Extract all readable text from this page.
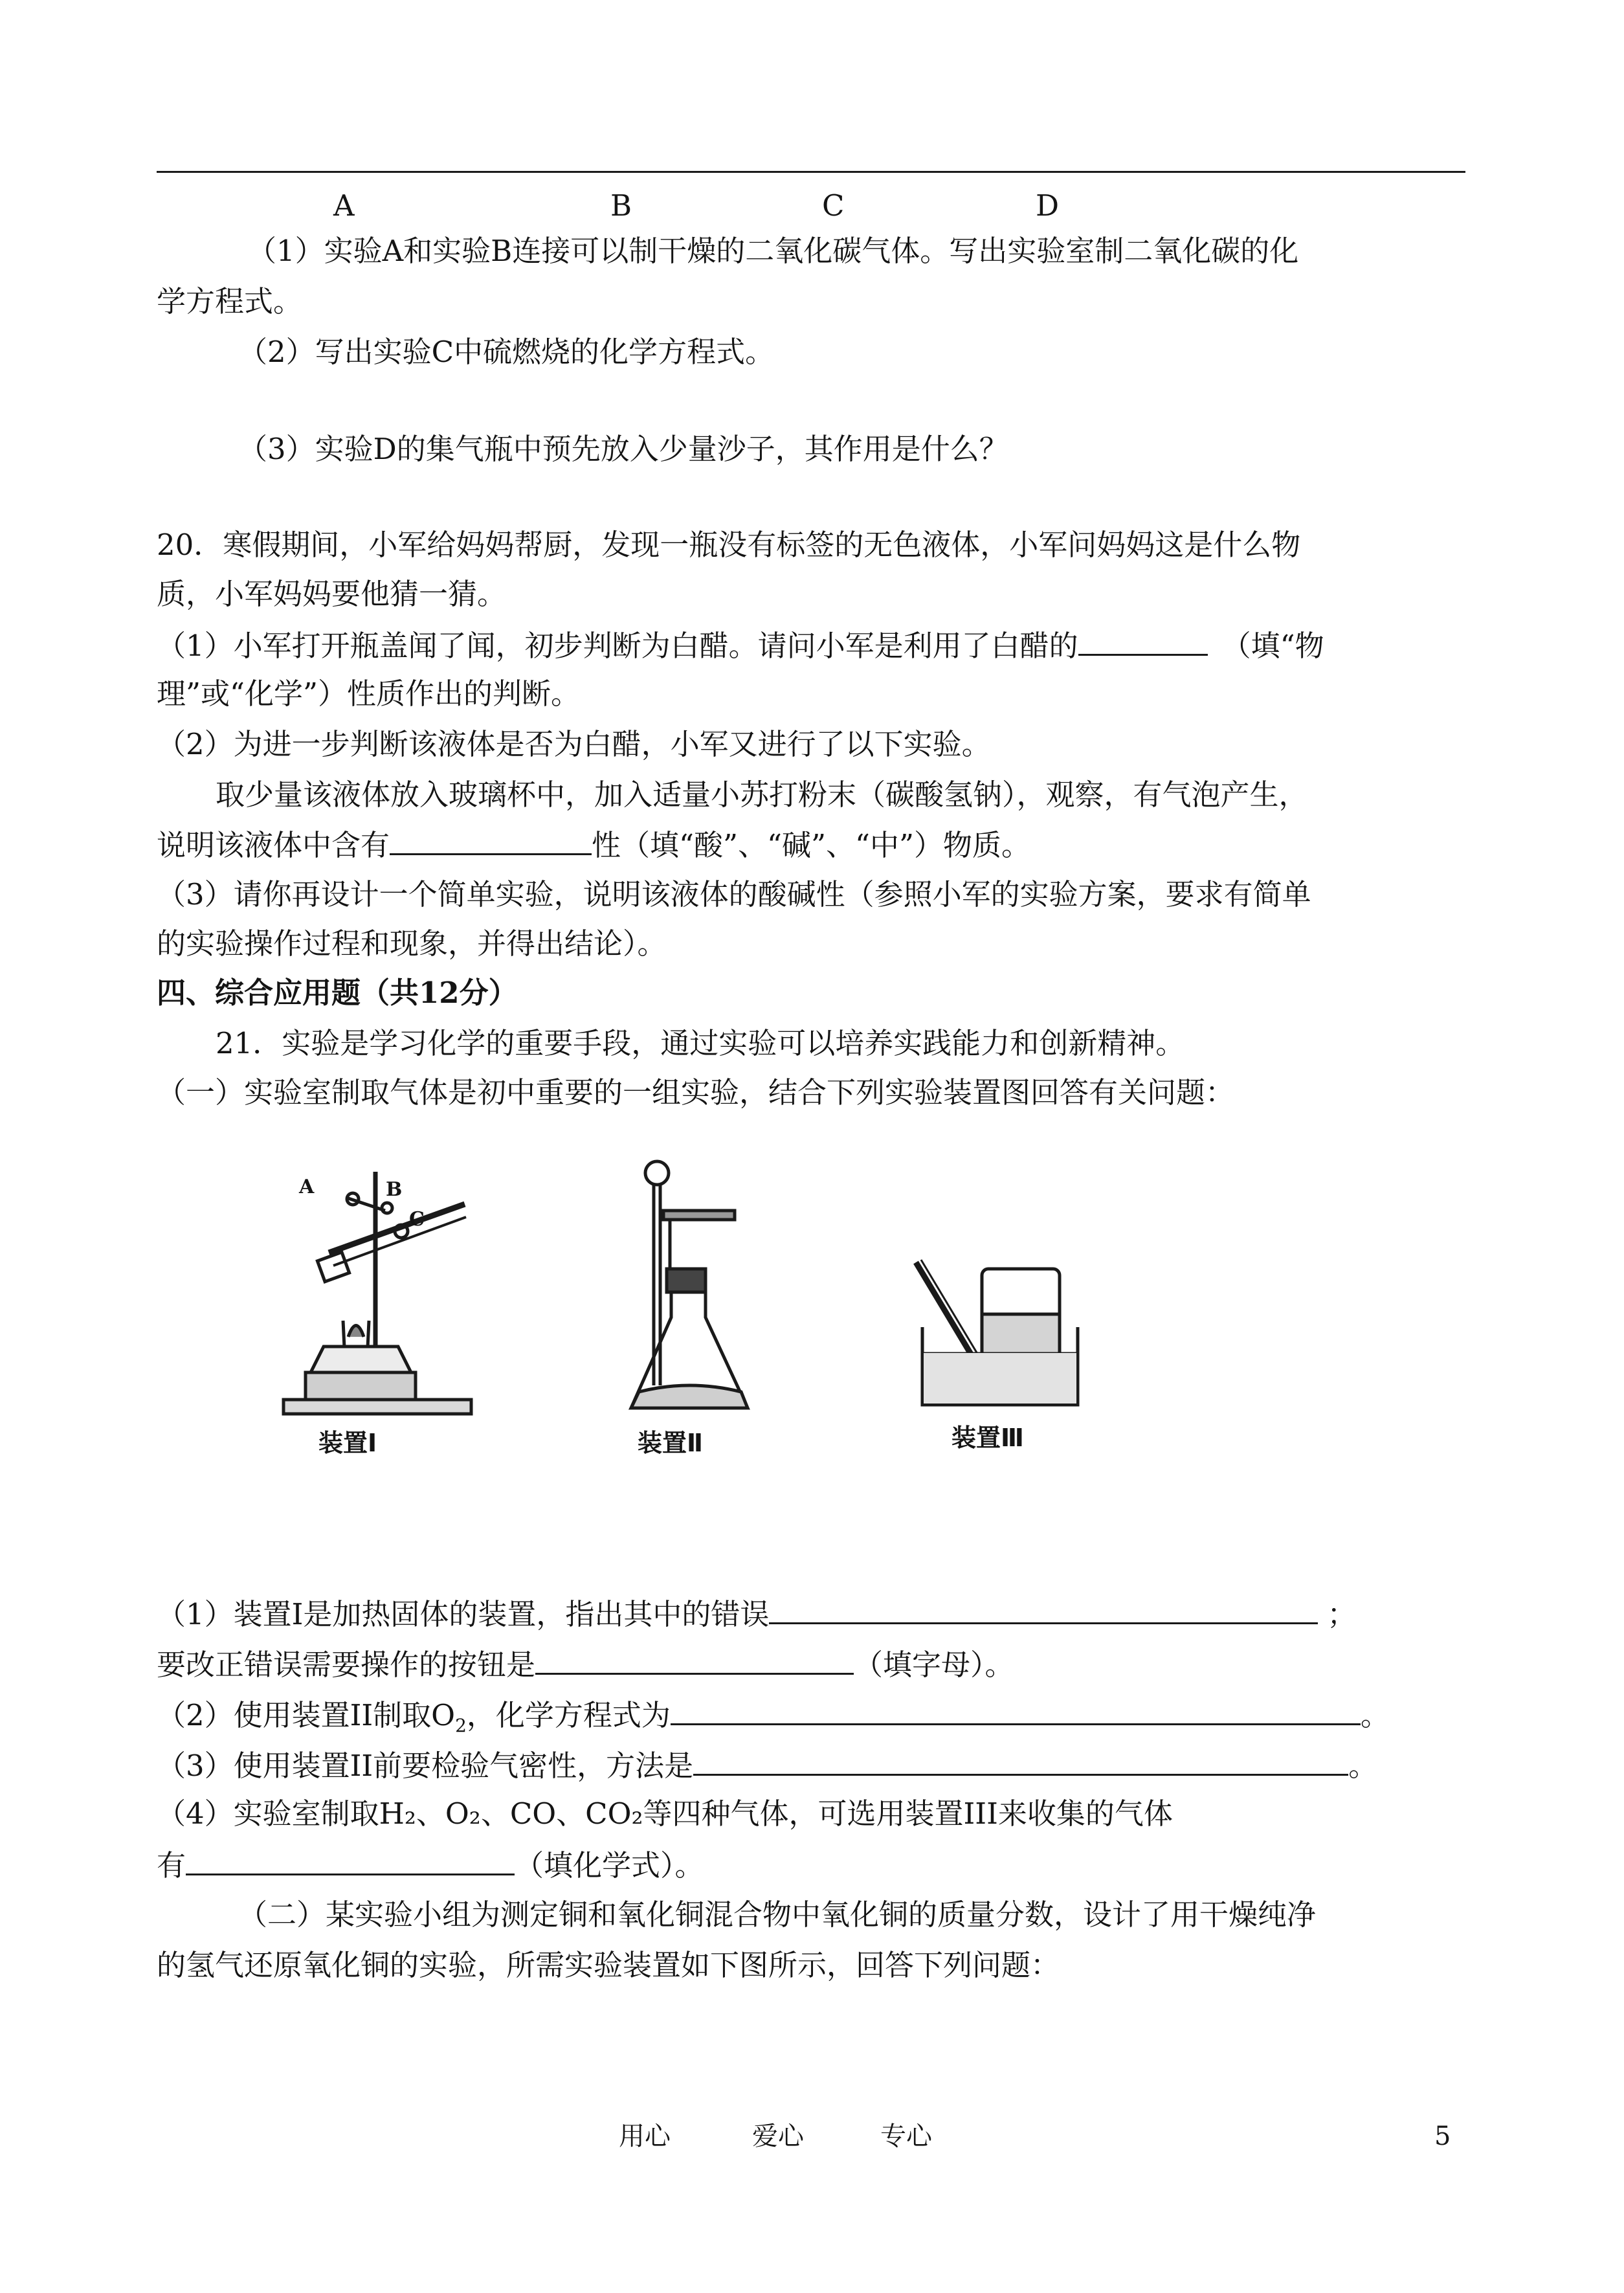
A	B	C	D
（1）实验A和实验B连接可以制干燥的二氧化碳气体。写出实验室制二氧化碳的化
学方程式。
（2）写出实验C中硫燃烧的化学方程式。
（3）实验D的集气瓶中预先放入少量沙子，其作用是什么？
20．寒假期间，小军给妈妈帮厨，发现一瓶没有标签的无色液体，小军问妈妈这是什么物
质，小军妈妈要他猜一猜。
（1）小军打开瓶盖闻了闻，初步判断为白醋。请问小军是利用了白醋的	（填“物
理”或“化学”）性质作出的判断。
（2）为进一步判断该液体是否为白醋，小军又进行了以下实验。
取少量该液体放入玻璃杯中，加入适量小苏打粉末（碳酸氢钠），观察，有气泡产生，
说明该液体中含有	性（填“酸”、“碱”、“中”）物质。
（3）请你再设计一个简单实验，说明该液体的酸碱性（参照小军的实验方案，要求有简单
的实验操作过程和现象，并得出结论）。
四、综合应用题（共12分）
21．实验是学习化学的重要手段，通过实验可以培养实践能力和创新精神。
（一）实验室制取气体是初中重要的一组实验，结合下列实验装置图回答有关问题：
A	B
C
装置Ⅰ	装置Ⅱ	装置Ⅲ
（1）装置I是加热固体的装置，指出其中的错误	；
要改正错误需要操作的按钮是	（填字母）。
（2）使用装置II制取$O_2$，化学方程式为	。
（3）使用装置II前要检验气密性，方法是	。
（4）实验室制取H₂、O₂、CO、CO₂等四种气体，可选用装置III来收集的气体
有	（填化学式）。
（二）某实验小组为测定铜和氧化铜混合物中氧化铜的质量分数，设计了用干燥纯净
的氢气还原氧化铜的实验，所需实验装置如下图所示，回答下列问题：
用心	爱心	专心	5
